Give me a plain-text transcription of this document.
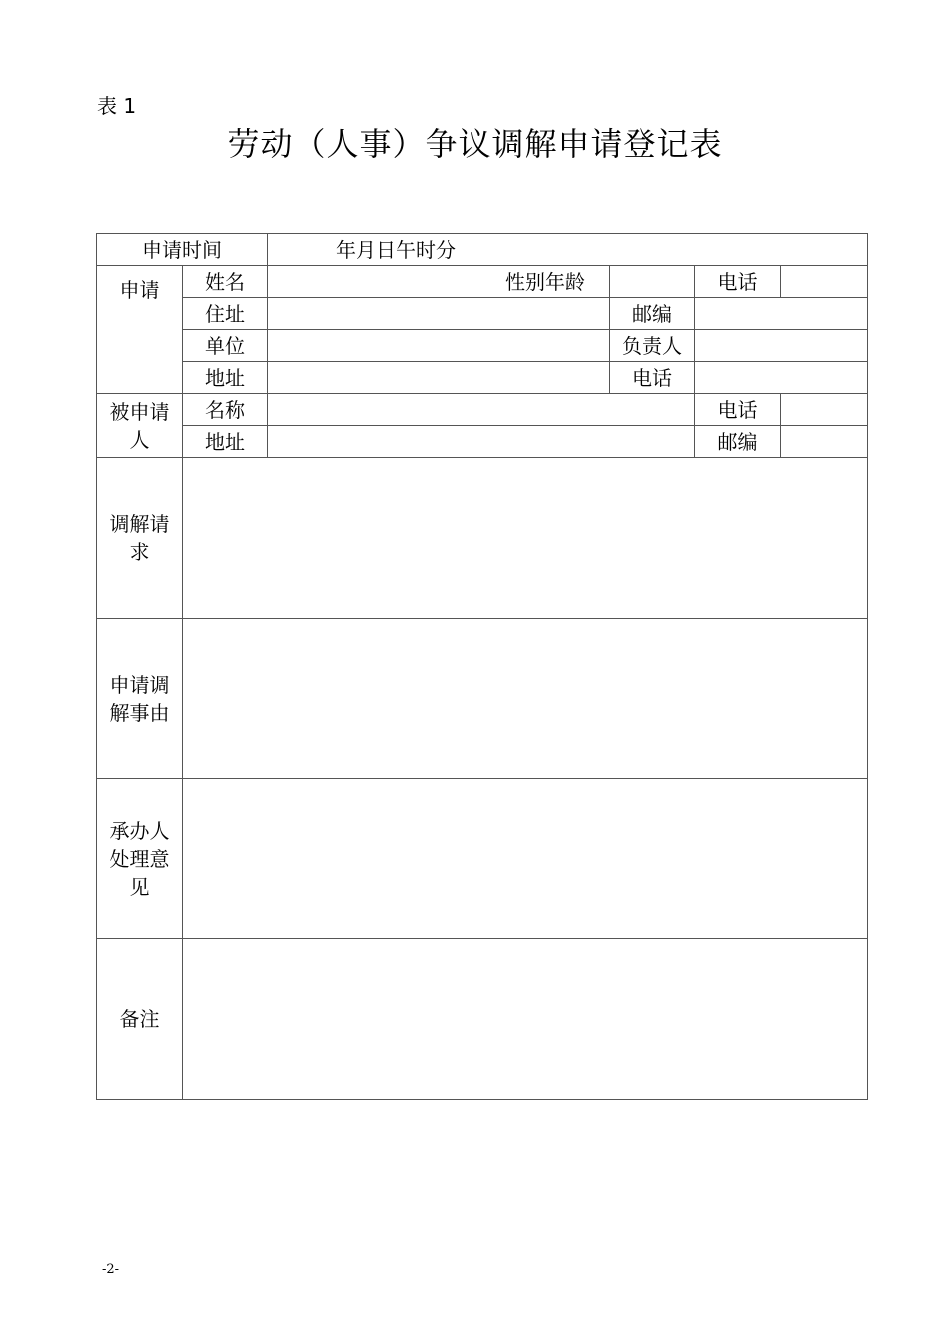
表 1
劳动（人事）争议调解申请登记表
申请时间		年月日午时分			
申请	姓名	性别年龄		电话	
	住址		邮编		
	单位		负责人		
	地址		电话		

被申请
人	名称			电话	
	地址			邮编	

调解请
求					

申请调
解事由					

承办人
处理意
见					

备注					
-2-
